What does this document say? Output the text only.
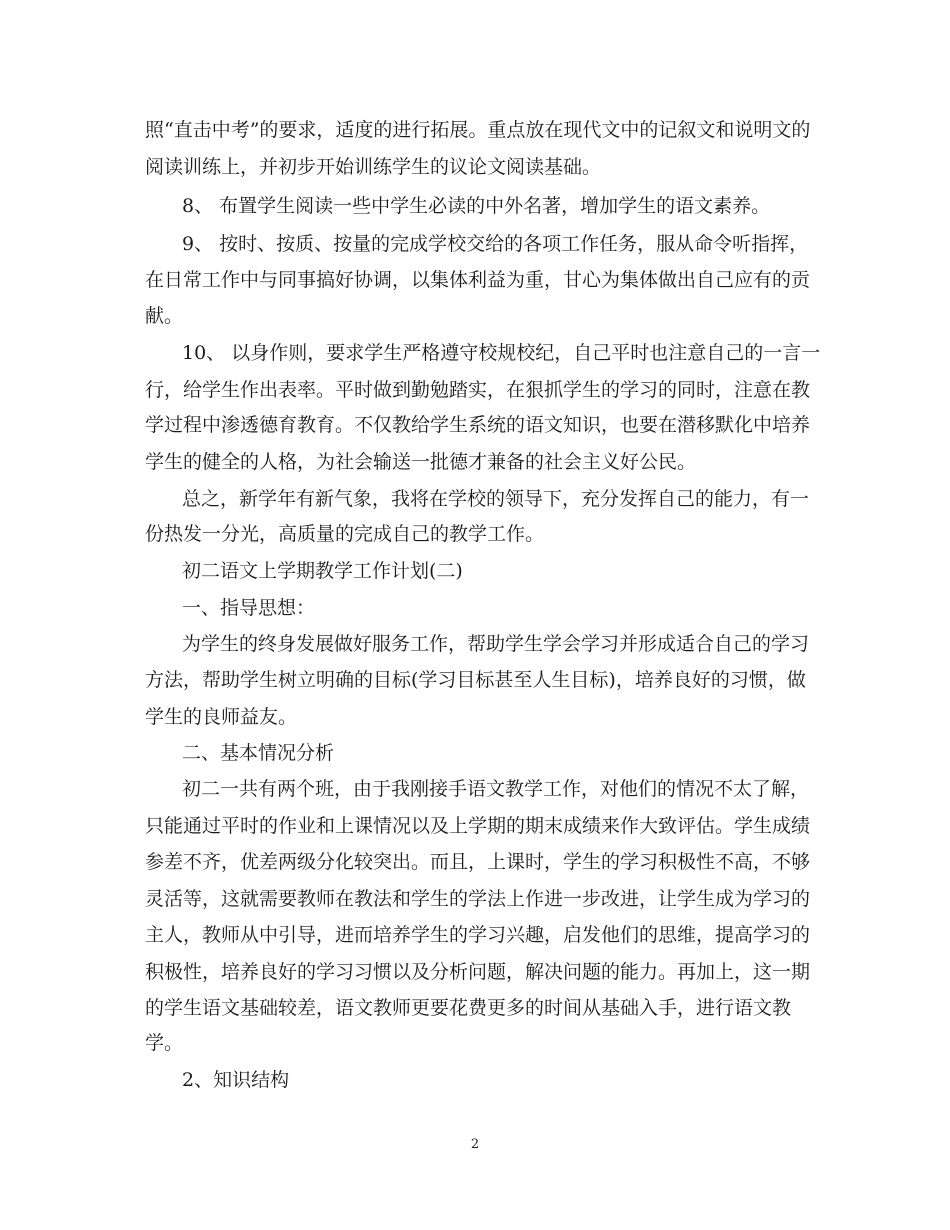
照“直击中考”的要求，适度的进行拓展。重点放在现代文中的记叙文和说明文的
阅读训练上，并初步开始训练学生的议论文阅读基础。
8、 布置学生阅读一些中学生必读的中外名著，增加学生的语文素养。
9、 按时、按质、按量的完成学校交给的各项工作任务，服从命令听指挥，
在日常工作中与同事搞好协调，以集体利益为重，甘心为集体做出自己应有的贡
献。
10、 以身作则，要求学生严格遵守校规校纪，自己平时也注意自己的一言一
行，给学生作出表率。平时做到勤勉踏实，在狠抓学生的学习的同时，注意在教
学过程中渗透德育教育。不仅教给学生系统的语文知识，也要在潜移默化中培养
学生的健全的人格，为社会输送一批德才兼备的社会主义好公民。
总之，新学年有新气象，我将在学校的领导下，充分发挥自己的能力，有一
份热发一分光，高质量的完成自己的教学工作。
初二语文上学期教学工作计划(二)
一、指导思想：
为学生的终身发展做好服务工作，帮助学生学会学习并形成适合自己的学习
方法，帮助学生树立明确的目标(学习目标甚至人生目标)，培养良好的习惯，做
学生的良师益友。
二、基本情况分析
初二一共有两个班，由于我刚接手语文教学工作，对他们的情况不太了解，
只能通过平时的作业和上课情况以及上学期的期末成绩来作大致评估。学生成绩
参差不齐，优差两级分化较突出。而且，上课时，学生的学习积极性不高，不够
灵活等，这就需要教师在教法和学生的学法上作进一步改进，让学生成为学习的
主人，教师从中引导，进而培养学生的学习兴趣，启发他们的思维，提高学习的
积极性，培养良好的学习习惯以及分析问题，解决问题的能力。再加上，这一期
的学生语文基础较差，语文教师更要花费更多的时间从基础入手，进行语文教
学。
2、知识结构
2
